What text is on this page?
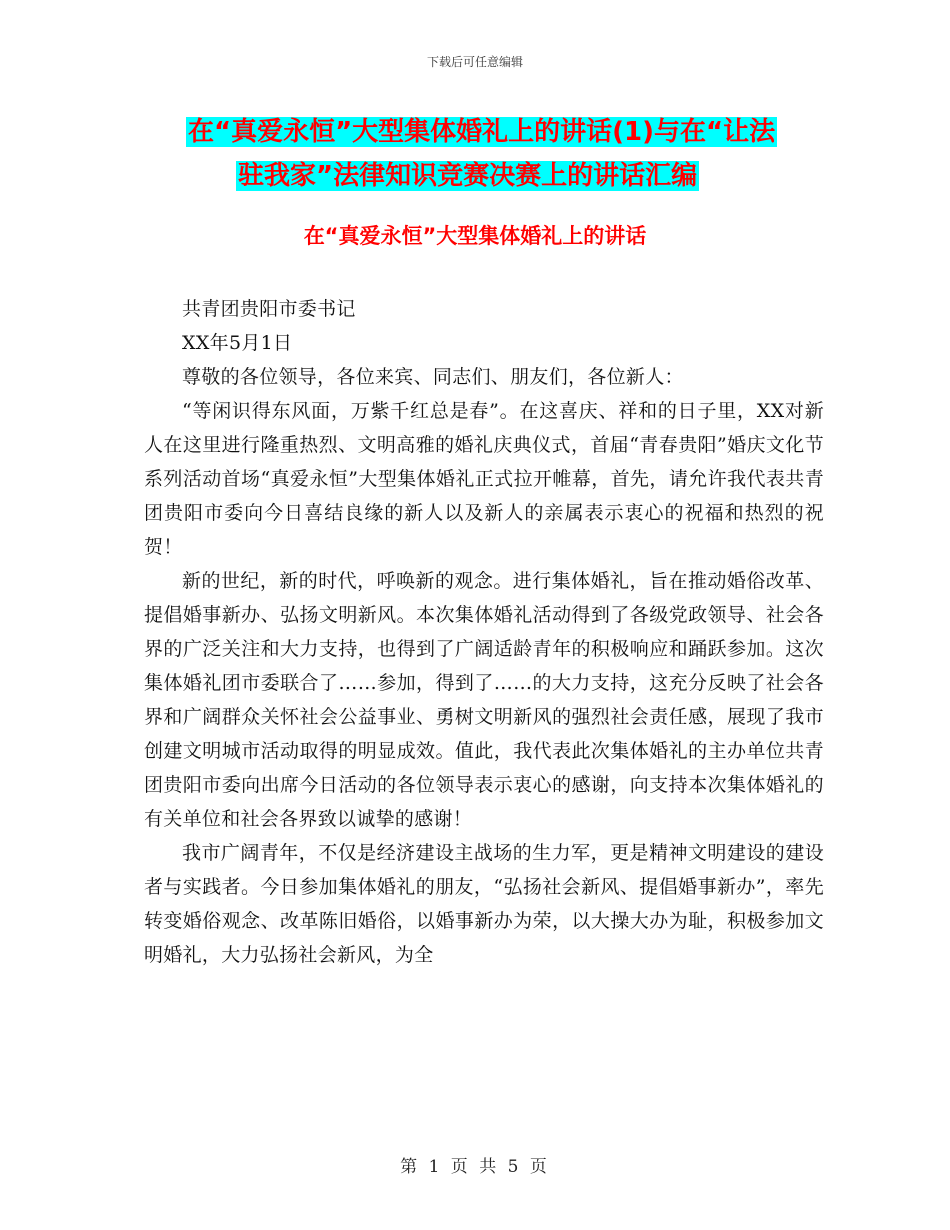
下载后可任意编辑
在“真爱永恒”大型集体婚礼上的讲话(1)与在“让法
驻我家”法律知识竞赛决赛上的讲话汇编
在“真爱永恒”大型集体婚礼上的讲话

共青团贵阳市委书记

XX年5月1日

尊敬的各位领导，各位来宾、同志们、朋友们，各位新人：

“等闲识得东风面，万紫千红总是春”。在这喜庆、祥和的日子里，XX对新人在这里进行隆重热烈、文明高雅的婚礼庆典仪式，首届“青春贵阳”婚庆文化节系列活动首场“真爱永恒”大型集体婚礼正式拉开帷幕，首先，请允许我代表共青团贵阳市委向今日喜结良缘的新人以及新人的亲属表示衷心的祝福和热烈的祝贺！

新的世纪，新的时代，呼唤新的观念。进行集体婚礼，旨在推动婚俗改革、提倡婚事新办、弘扬文明新风。本次集体婚礼活动得到了各级党政领导、社会各界的广泛关注和大力支持，也得到了广阔适龄青年的积极响应和踊跃参加。这次集体婚礼团市委联合了……参加，得到了……的大力支持，这充分反映了社会各界和广阔群众关怀社会公益事业、勇树文明新风的强烈社会责任感，展现了我市创建文明城市活动取得的明显成效。值此，我代表此次集体婚礼的主办单位共青团贵阳市委向出席今日活动的各位领导表示衷心的感谢，向支持本次集体婚礼的有关单位和社会各界致以诚挚的感谢！

我市广阔青年，不仅是经济建设主战场的生力军，更是精神文明建设的建设者与实践者。今日参加集体婚礼的朋友，“弘扬社会新风、提倡婚事新办”，率先转变婚俗观念、改革陈旧婚俗，以婚事新办为荣，以大操大办为耻，积极参加文明婚礼，大力弘扬社会新风，为全

第 1 页 共 5 页
